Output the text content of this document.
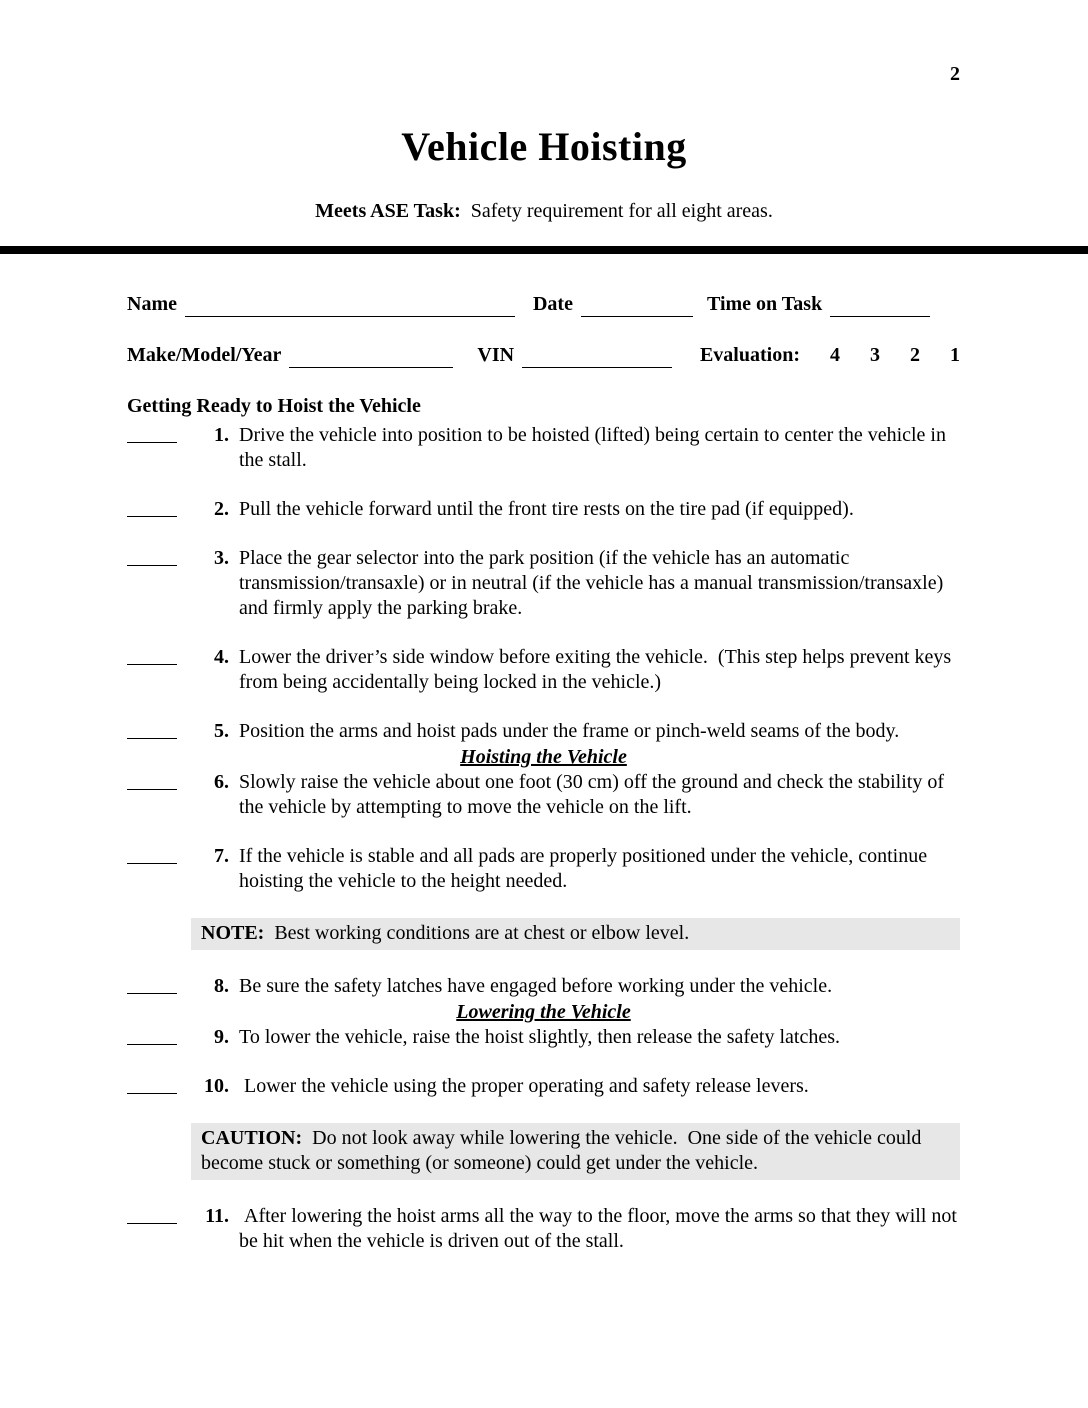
2
Vehicle Hoisting
Meets ASE Task:  Safety requirement for all eight areas.
Name	Date	Time on Task
Make/Model/Year	VIN	Evaluation:	4 3 2 1
Getting Ready to Hoist the Vehicle
1. Drive the vehicle into position to be hoisted (lifted) being certain to center the vehicle in the stall.
2. Pull the vehicle forward until the front tire rests on the tire pad (if equipped).
3. Place the gear selector into the park position (if the vehicle has an automatic transmission/transaxle) or in neutral (if the vehicle has a manual transmission/transaxle) and firmly apply the parking brake.
4. Lower the driver’s side window before exiting the vehicle.  (This step helps prevent keys from being accidentally being locked in the vehicle.)
5. Position the arms and hoist pads under the frame or pinch-weld seams of the body.
Hoisting the Vehicle
6. Slowly raise the vehicle about one foot (30 cm) off the ground and check the stability of the vehicle by attempting to move the vehicle on the lift.
7. If the vehicle is stable and all pads are properly positioned under the vehicle, continue hoisting the vehicle to the height needed.
NOTE:  Best working conditions are at chest or elbow level.
8. Be sure the safety latches have engaged before working under the vehicle.
Lowering the Vehicle
9. To lower the vehicle, raise the hoist slightly, then release the safety latches.
10. Lower the vehicle using the proper operating and safety release levers.
CAUTION:  Do not look away while lowering the vehicle.  One side of the vehicle could become stuck or something (or someone) could get under the vehicle.
11. After lowering the hoist arms all the way to the floor, move the arms so that they will not be hit when the vehicle is driven out of the stall.
